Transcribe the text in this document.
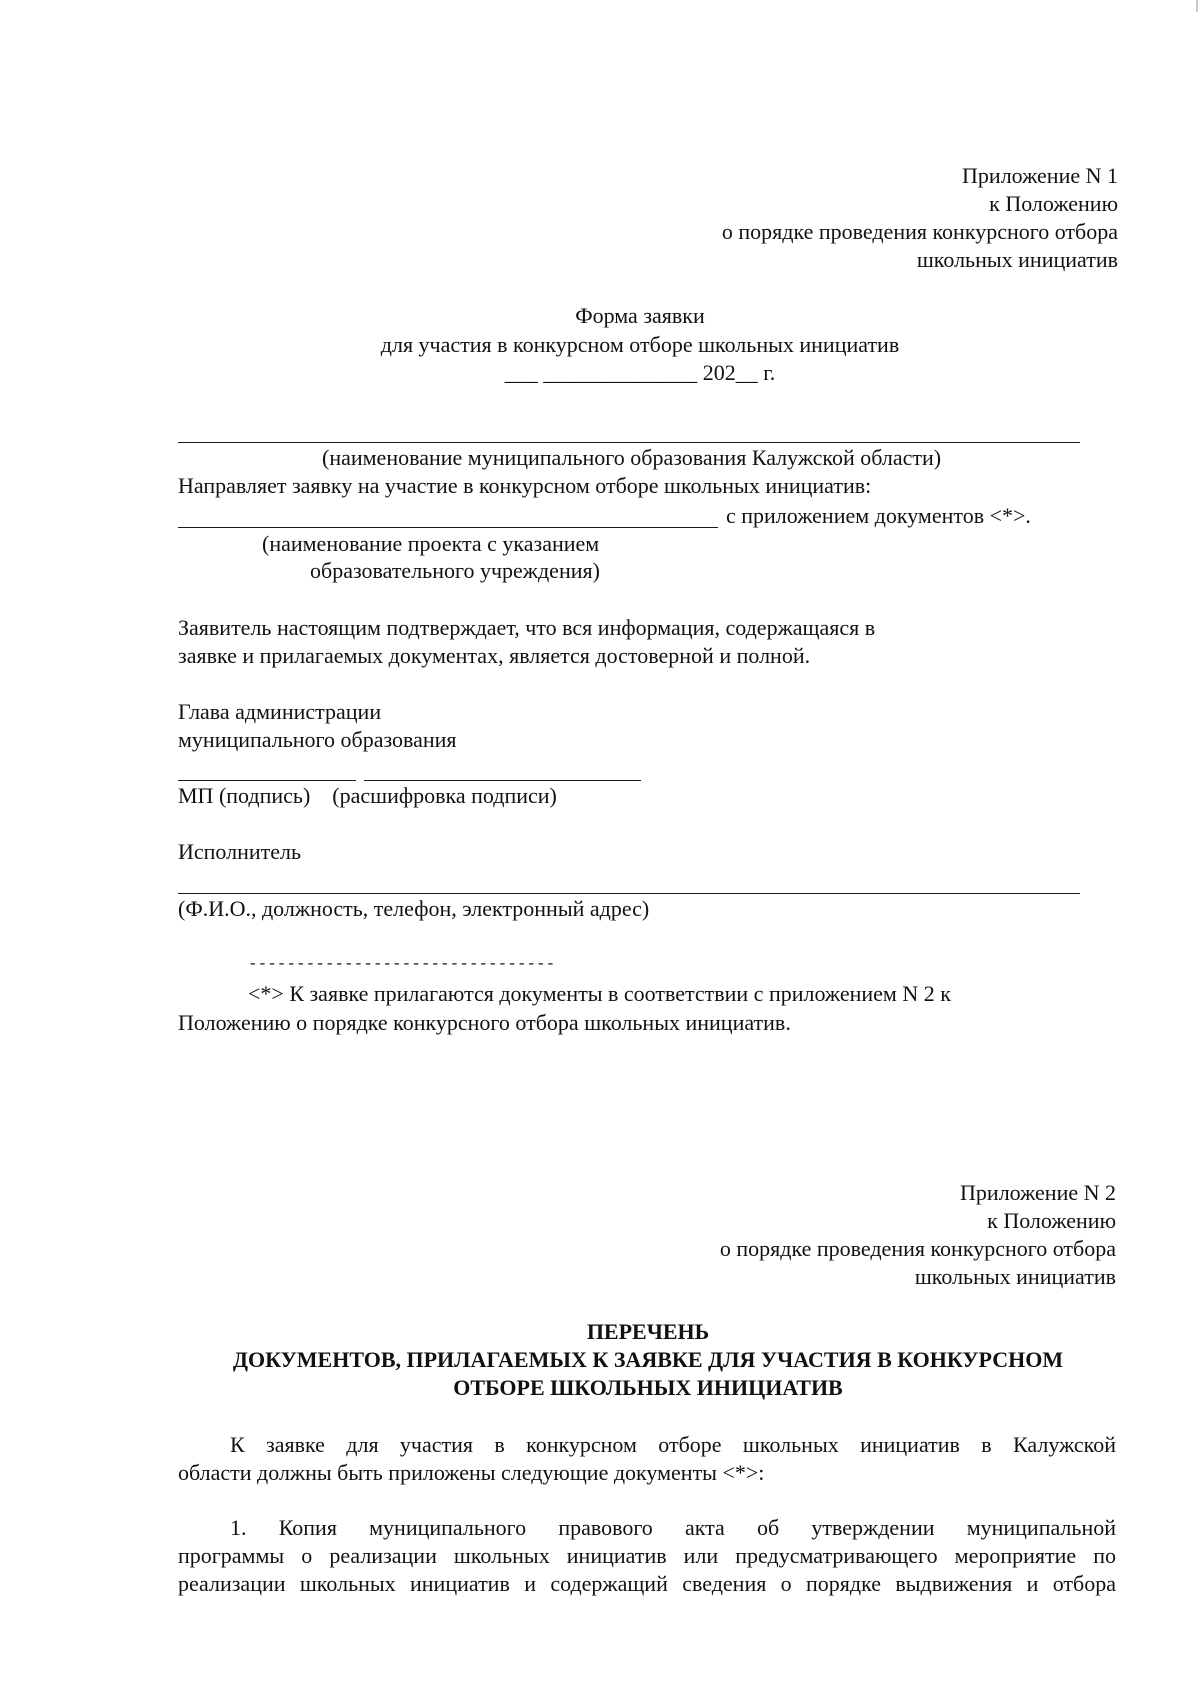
Приложение N 1
к Положению
о порядке проведения конкурсного отбора
школьных инициатив
Форма заявки
для участия в конкурсном отборе школьных инициатив
___ ______________ 202__ г.
(наименование муниципального образования Калужской области)
Направляет заявку на участие в конкурсном отборе школьных инициатив:
с приложением документов <*>.
(наименование проекта с указанием
образовательного учреждения)
Заявитель настоящим подтверждает, что вся информация, содержащаяся в
заявке и прилагаемых документах, является достоверной и полной.
Глава администрации
муниципального образования
МП (подпись)    (расшифровка подписи)
Исполнитель
(Ф.И.О., должность, телефон, электронный адрес)
--------------------------------
<*> К заявке прилагаются документы в соответствии с приложением N 2 к
Положению о порядке конкурсного отбора школьных инициатив.
Приложение N 2
к Положению
о порядке проведения конкурсного отбора
школьных инициатив
ПЕРЕЧЕНЬ
ДОКУМЕНТОВ, ПРИЛАГАЕМЫХ К ЗАЯВКЕ ДЛЯ УЧАСТИЯ В КОНКУРСНОМ
ОТБОРЕ ШКОЛЬНЫХ ИНИЦИАТИВ
К заявке для участия в конкурсном отборе школьных инициатив в Калужской
области должны быть приложены следующие документы <*>:
1. Копия муниципального правового акта об утверждении муниципальной
программы о реализации школьных инициатив или предусматривающего мероприятие по
реализации школьных инициатив и содержащий сведения о порядке выдвижения и отбора
